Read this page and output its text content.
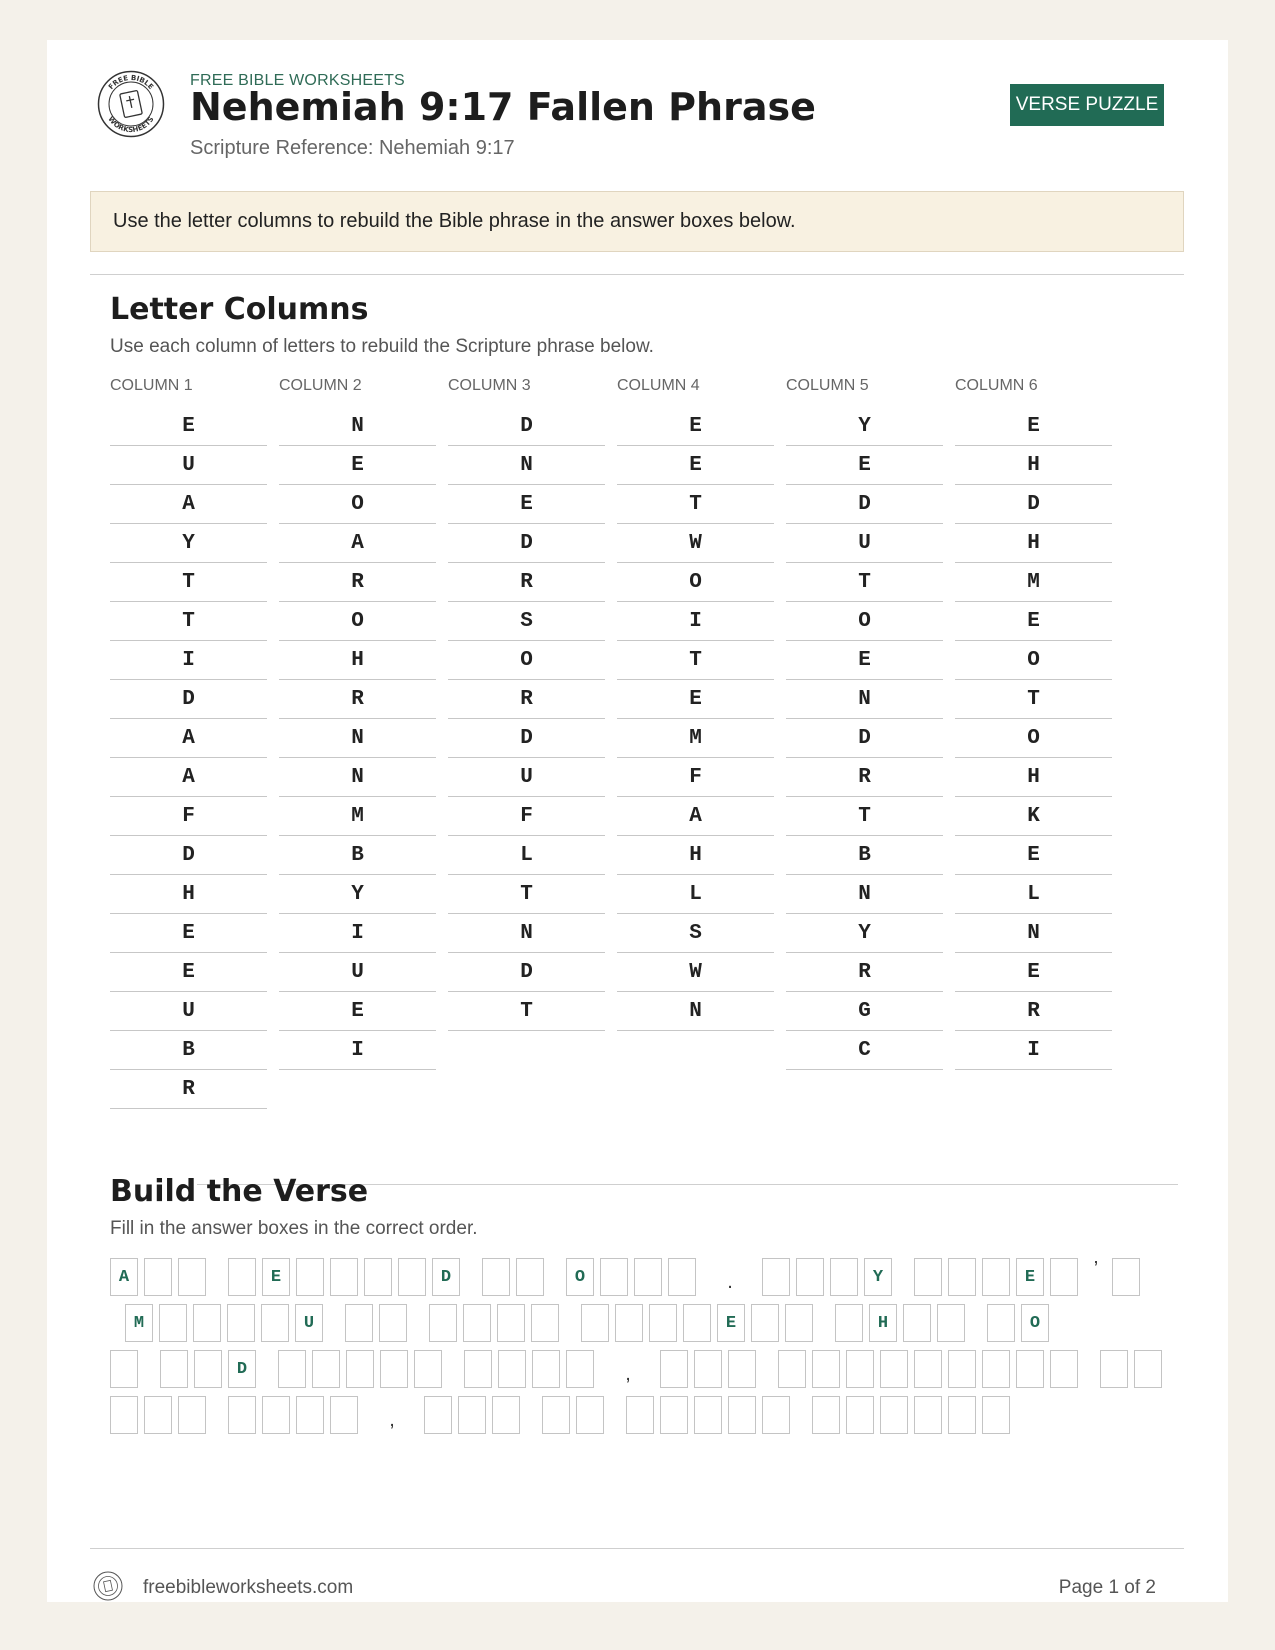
FREE BIBLE
WORKSHEETS
FREE BIBLE WORKSHEETS
Nehemiah 9:17 Fallen Phrase
Scripture Reference: Nehemiah 9:17
VERSE PUZZLE
Use the letter columns to rebuild the Bible phrase in the answer boxes below.
Letter Columns
Use each column of letters to rebuild the Scripture phrase below.
COLUMN 1
E
U
A
Y
T
T
I
D
A
A
F
D
H
E
E
U
B
R
COLUMN 2
N
E
O
A
R
O
H
R
N
N
M
B
Y
I
U
E
I
COLUMN 3
D
N
E
D
R
S
O
R
D
U
F
L
T
N
D
T
COLUMN 4
E
E
T
W
O
I
T
E
M
F
A
H
L
S
W
N
COLUMN 5
Y
E
D
U
T
O
E
N
D
R
T
B
N
Y
R
G
C
COLUMN 6
E
H
D
H
M
E
O
T
O
H
K
E
L
N
E
R
I
Build the Verse
Fill in the answer boxes in the correct order.
A	E	D	O	.	Y	E	’
M	U	E	H	O
D	,
,
freebibleworksheets.com	Page 1 of 2
